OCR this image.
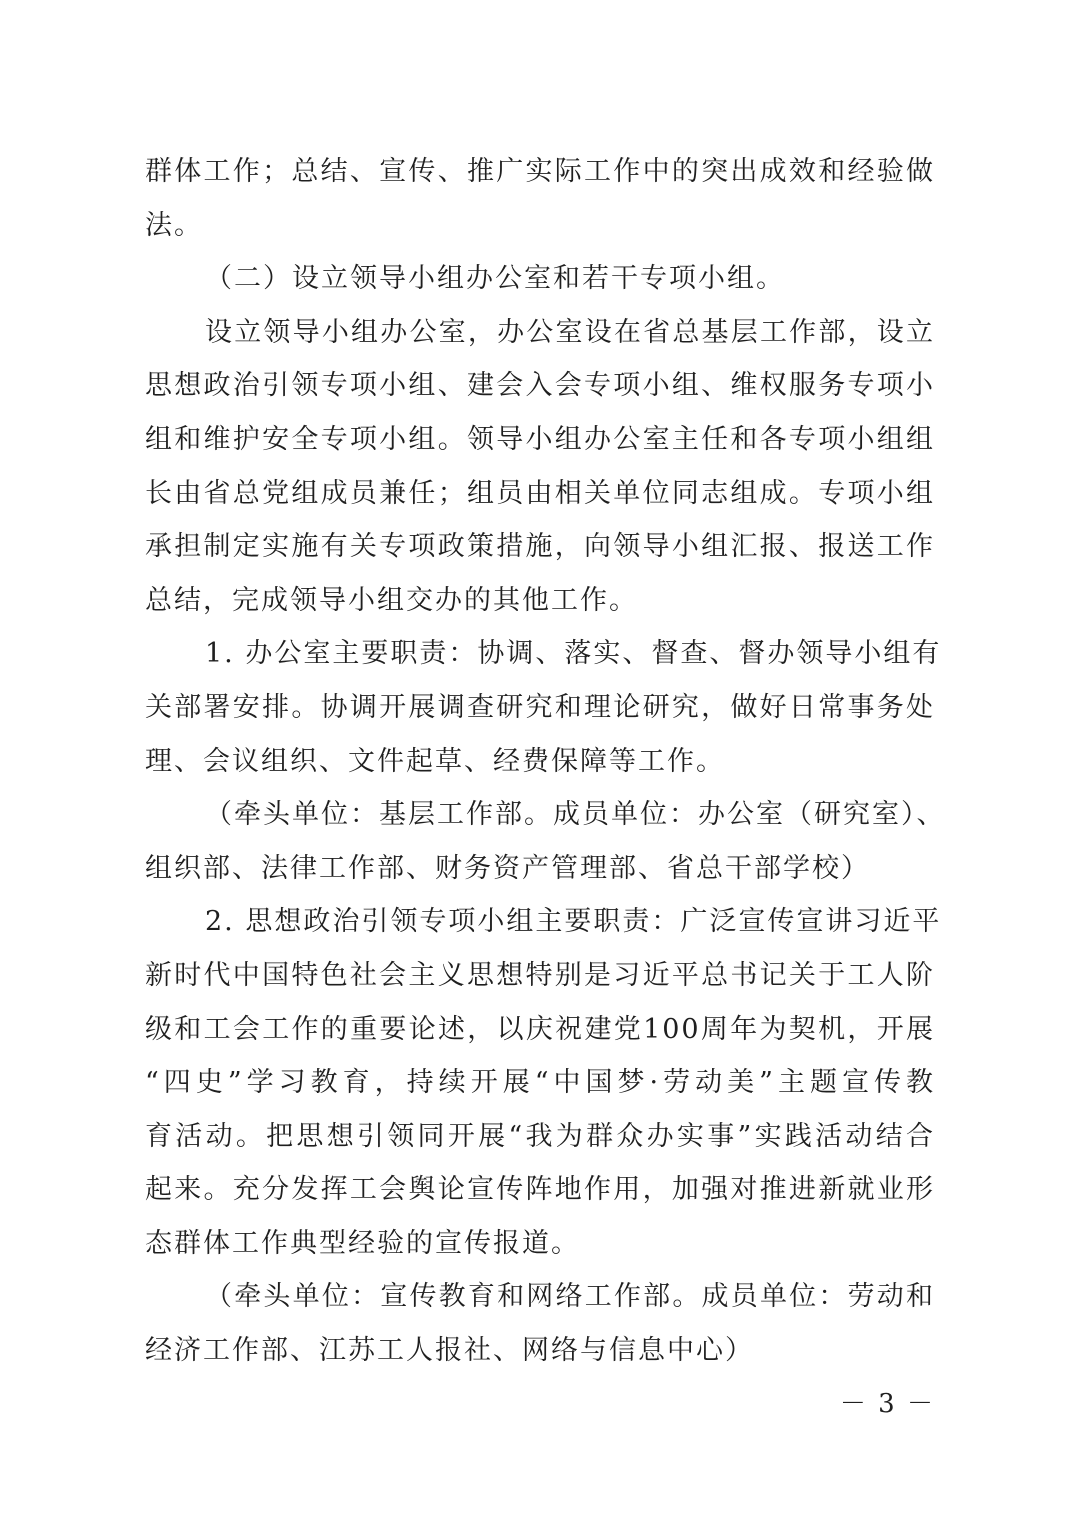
群体工作；总结、宣传、推广实际工作中的突出成效和经验做
法。
（二）设立领导小组办公室和若干专项小组。
设立领导小组办公室，办公室设在省总基层工作部，设立
思想政治引领专项小组、建会入会专项小组、维权服务专项小
组和维护安全专项小组。领导小组办公室主任和各专项小组组
长由省总党组成员兼任；组员由相关单位同志组成。专项小组
承担制定实施有关专项政策措施，向领导小组汇报、报送工作
总结，完成领导小组交办的其他工作。
1. 办公室主要职责：协调、落实、督查、督办领导小组有
关部署安排。协调开展调查研究和理论研究，做好日常事务处
理、会议组织、文件起草、经费保障等工作。
（牵头单位：基层工作部。成员单位：办公室（研究室）、
组织部、法律工作部、财务资产管理部、省总干部学校）
2. 思想政治引领专项小组主要职责：广泛宣传宣讲习近平
新时代中国特色社会主义思想特别是习近平总书记关于工人阶
级和工会工作的重要论述，以庆祝建党100周年为契机，开展
“四史”学习教育，持续开展“中国梦·劳动美”主题宣传教
育活动。把思想引领同开展“我为群众办实事”实践活动结合
起来。充分发挥工会舆论宣传阵地作用，加强对推进新就业形
态群体工作典型经验的宣传报道。
（牵头单位：宣传教育和网络工作部。成员单位：劳动和
经济工作部、江苏工人报社、网络与信息中心）
－ 3 －
